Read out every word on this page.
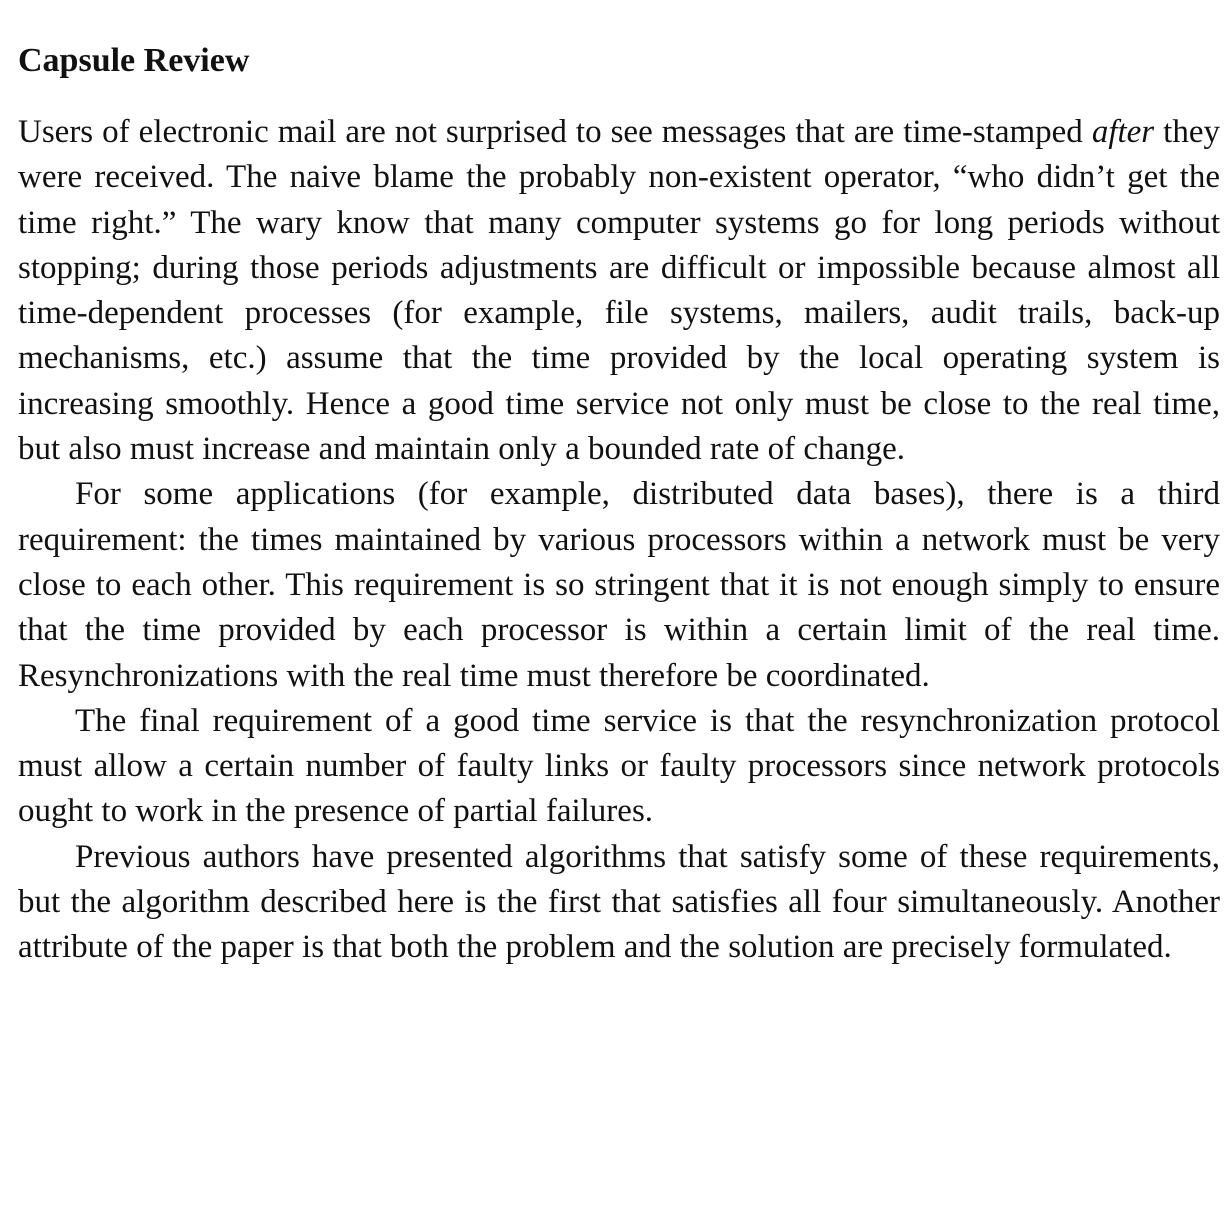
Capsule Review

Users of electronic mail are not surprised to see messages that are time-stamped after they were received. The naive blame the probably non-existent operator, “who didn’t get the time right.” The wary know that many computer systems go for long periods without stopping; during those periods adjustments are difficult or impossible because almost all time-dependent processes (for example, file systems, mailers, audit trails, back-up mechanisms, etc.) assume that the time provided by the local operating system is increasing smoothly. Hence a good time service not only must be close to the real time, but also must increase and maintain only a bounded rate of change.

For some applications (for example, distributed data bases), there is a third requirement: the times maintained by various processors within a network must be very close to each other. This requirement is so stringent that it is not enough simply to ensure that the time provided by each processor is within a certain limit of the real time. Resynchronizations with the real time must therefore be coordinated.

The final requirement of a good time service is that the resynchronization protocol must allow a certain number of faulty links or faulty processors since network protocols ought to work in the presence of partial failures.

Previous authors have presented algorithms that satisfy some of these requirements, but the algorithm described here is the first that satisfies all four simultaneously. Another attribute of the paper is that both the problem and the solution are precisely formulated.
